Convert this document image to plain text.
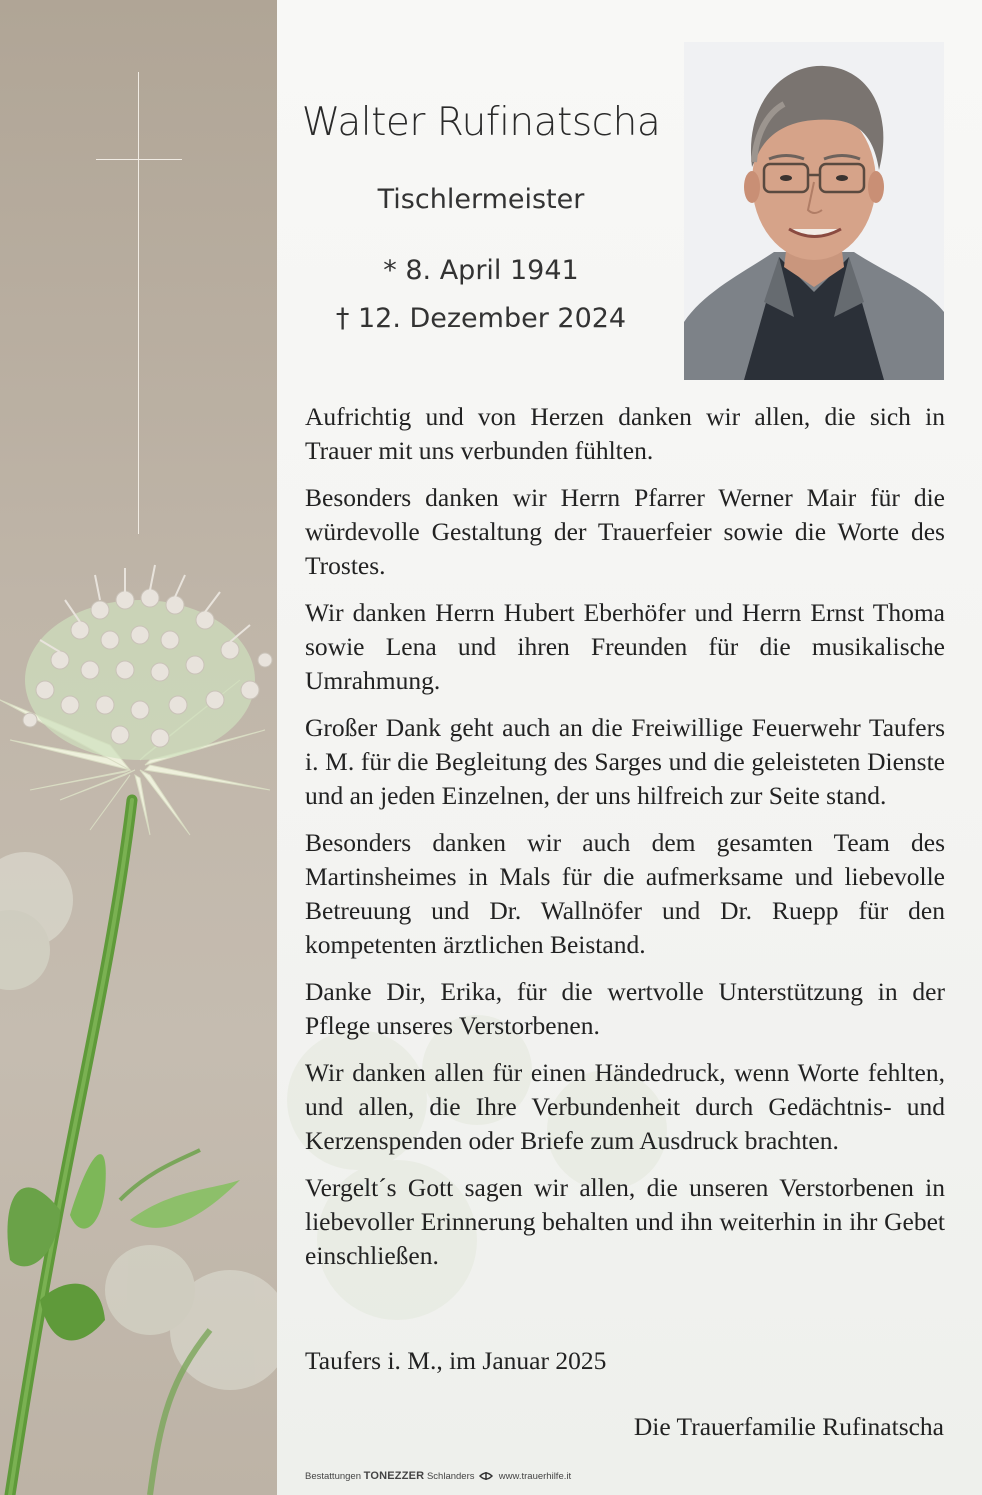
Walter Rufinatscha
Tischlermeister
* 8. April 1941
† 12. Dezember 2024

Aufrichtig und von Herzen danken wir allen, die sich in Trauer mit uns verbunden fühlten.

Besonders danken wir Herrn Pfarrer Werner Mair für die würdevolle Gestaltung der Trauerfeier sowie die Worte des Trostes.

Wir danken Herrn Hubert Eberhöfer und Herrn Ernst Thoma sowie Lena und ihren Freunden für die musikalische Umrahmung.

Großer Dank geht auch an die Freiwillige Feuerwehr Taufers i. M. für die Begleitung des Sarges und die geleisteten Dienste und an jeden Einzelnen, der uns hilfreich zur Seite stand.

Besonders danken wir auch dem gesamten Team des Martinsheimes in Mals für die aufmerksame und liebevolle Betreuung und Dr. Wallnöfer und Dr. Ruepp für den kompetenten ärztlichen Beistand.

Danke Dir, Erika, für die wertvolle Unterstützung in der Pflege unseres Verstorbenen.

Wir danken allen für einen Händedruck, wenn Worte fehlten, und allen, die Ihre Verbundenheit durch Gedächtnis- und Kerzenspenden oder Briefe zum Ausdruck brachten.

Vergelt´s Gott sagen wir allen, die unseren Verstorbenen in liebevoller Erinnerung behalten und ihn weiterhin in ihr Gebet einschließen.

Taufers i. M., im Januar 2025
Die Trauerfamilie Rufinatscha
Bestattungen TONEZZER Schlanders	www.trauerhilfe.it
